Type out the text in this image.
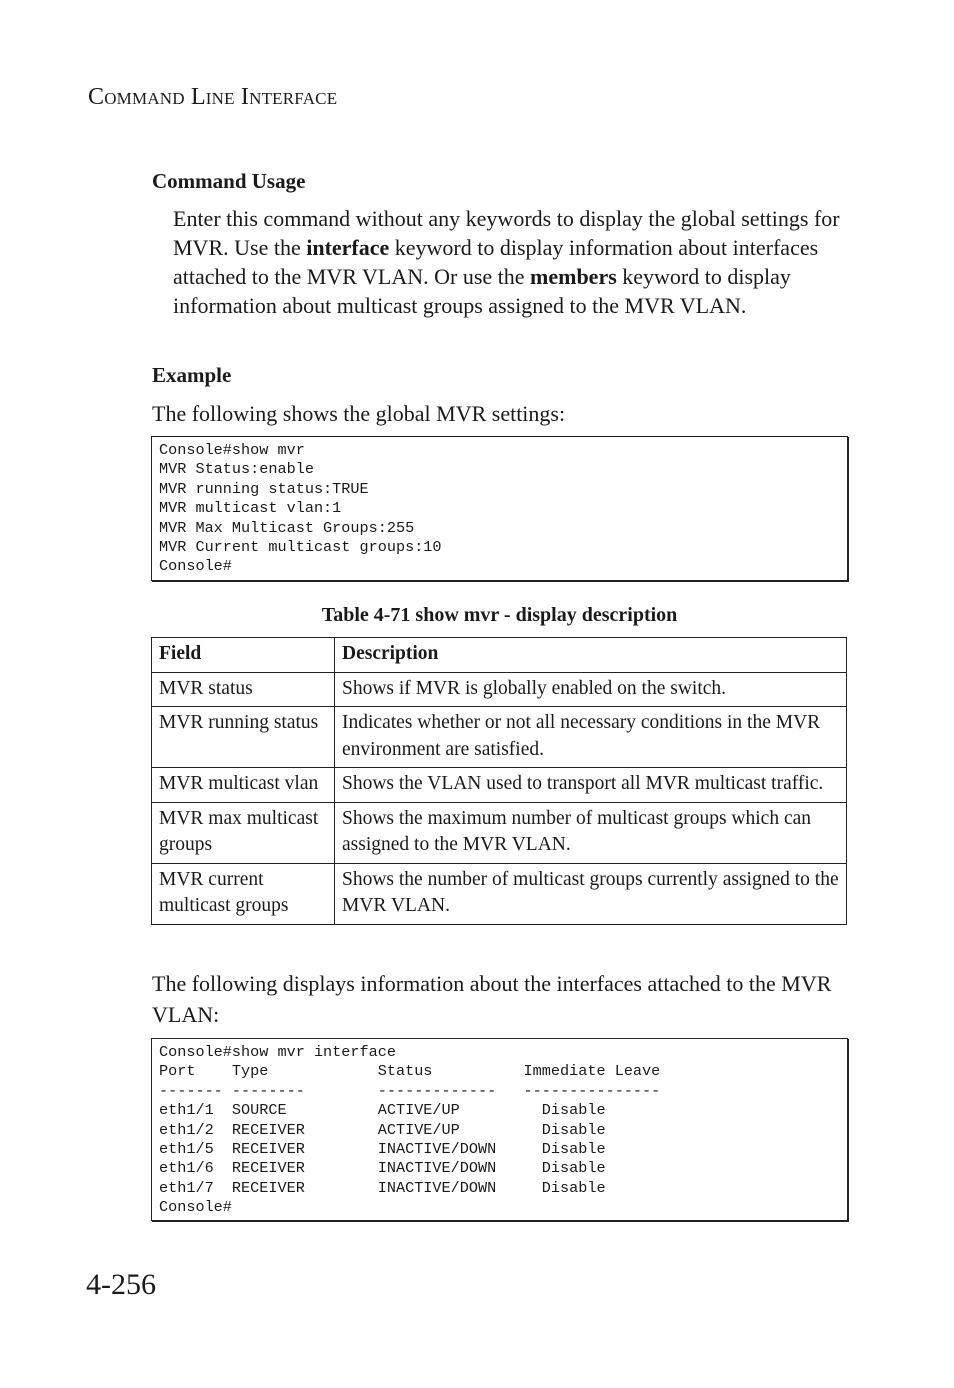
Command Line Interface
Command Usage
Enter this command without any keywords to display the global settings for MVR. Use the interface keyword to display information about interfaces attached to the MVR VLAN. Or use the members keyword to display information about multicast groups assigned to the MVR VLAN.
Example
The following shows the global MVR settings:
Console#show mvr
MVR Status:enable
MVR running status:TRUE
MVR multicast vlan:1
MVR Max Multicast Groups:255
MVR Current multicast groups:10
Console#
Table 4-71 show mvr - display description
Field	Description
MVR status	Shows if MVR is globally enabled on the switch.
MVR running status	Indicates whether or not all necessary conditions in the MVR environment are satisfied.
MVR multicast vlan	Shows the VLAN used to transport all MVR multicast traffic.
MVR max multicast groups	Shows the maximum number of multicast groups which can assigned to the MVR VLAN.
MVR current multicast groups	Shows the number of multicast groups currently assigned to the MVR VLAN.
The following displays information about the interfaces attached to the MVR VLAN:
Console#show mvr interface
Port    Type            Status          Immediate Leave
------- --------        -------------   ---------------
eth1/1  SOURCE          ACTIVE/UP         Disable
eth1/2  RECEIVER        ACTIVE/UP         Disable
eth1/5  RECEIVER        INACTIVE/DOWN     Disable
eth1/6  RECEIVER        INACTIVE/DOWN     Disable
eth1/7  RECEIVER        INACTIVE/DOWN     Disable
Console#
4-256
